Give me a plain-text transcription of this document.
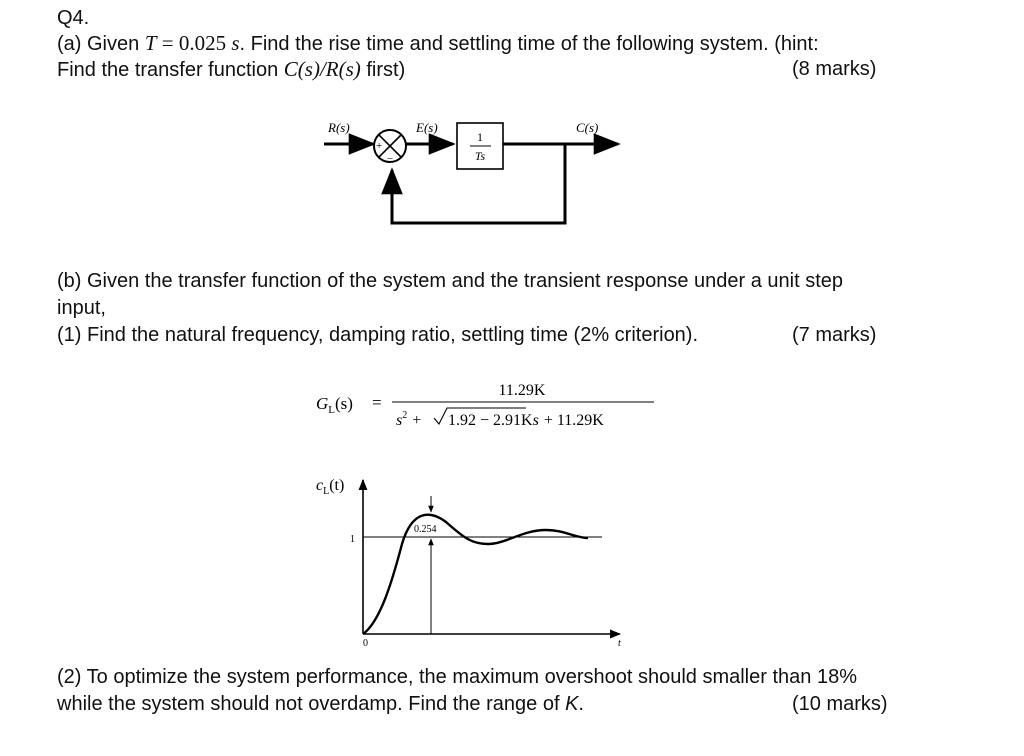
Q4.
(a) Given T = 0.025 s. Find the rise time and settling time of the following system. (hint:
Find the transfer function C(s)/R(s) first)	(8 marks)
R(s)
+
−
E(s)
1
Ts
C(s)
(b) Given the transfer function of the system and the transient response under a unit step
input,
(1) Find the natural frequency, damping ratio, settling time (2% criterion).	(7 marks)
$G_L(s)$ =
11.29K
$s^2 + 1.92 - 2.91Ks + 11.29K$
$c_L(t)$
1
0	t
0.254
(2) To optimize the system performance, the maximum overshoot should smaller than 18%
while the system should not overdamp. Find the range of K.	(10 marks)
